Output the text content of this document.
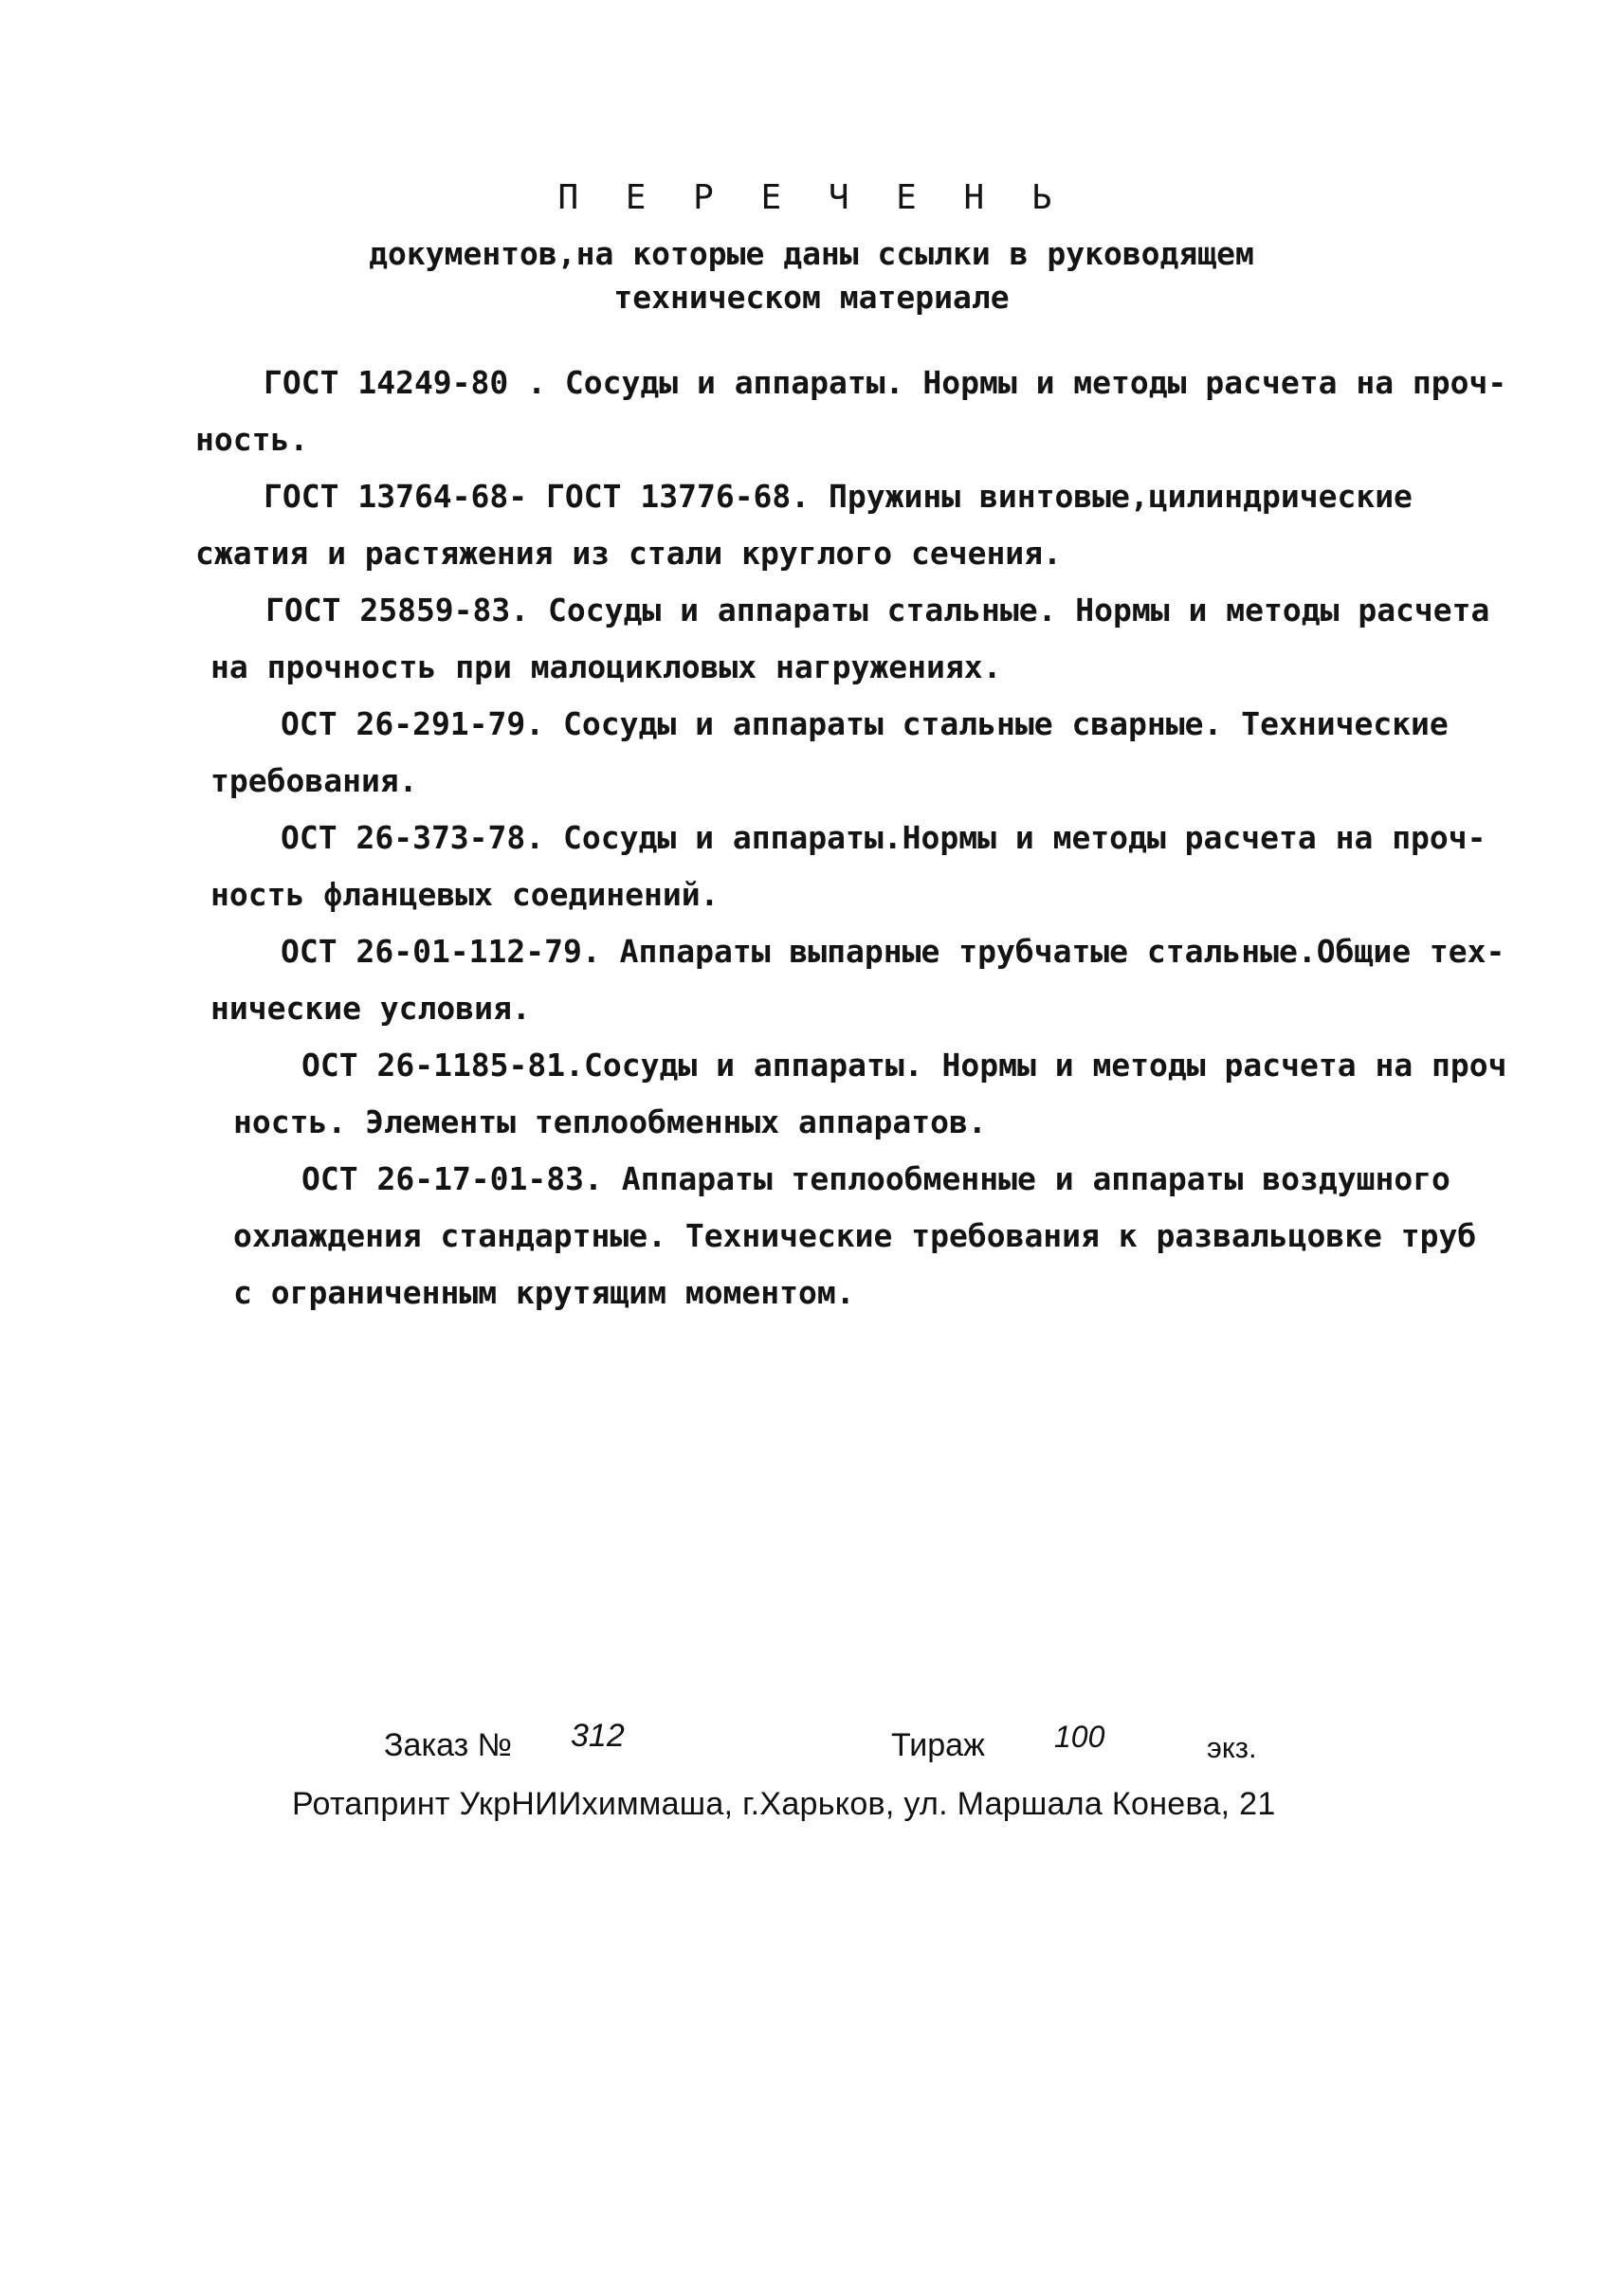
П Е Р Е Ч Е Н Ь
документов,на которые даны ссылки в руководящем
техническом материале
ГОСТ 14249-80 . Сосуды и аппараты. Нормы и методы расчета на проч-
ность.
ГОСТ 13764-68- ГОСТ 13776-68. Пружины винтовые,цилиндрические
сжатия и растяжения из стали круглого сечения.
ГОСТ 25859-83. Сосуды и аппараты стальные. Нормы и методы расчета
на прочность при малоцикловых нагружениях.
ОСТ 26-291-79. Сосуды и аппараты стальные сварные. Технические
требования.
ОСТ 26-373-78. Сосуды и аппараты.Нормы и методы расчета на проч-
ность фланцевых соединений.
ОСТ 26-01-112-79. Аппараты выпарные трубчатые стальные.Общие тех-
нические условия.
ОСТ 26-1185-81.Сосуды и аппараты. Нормы и методы расчета на проч
ность. Элементы теплообменных аппаратов.
ОСТ 26-17-01-83. Аппараты теплообменные и аппараты воздушного
охлаждения стандартные. Технические требования к развальцовке труб
с ограниченным крутящим моментом.
Заказ № 312	Тираж 100	экз.
Ротапринт УкрНИИхиммаша, г.Харьков, ул. Маршала Конева, 21
